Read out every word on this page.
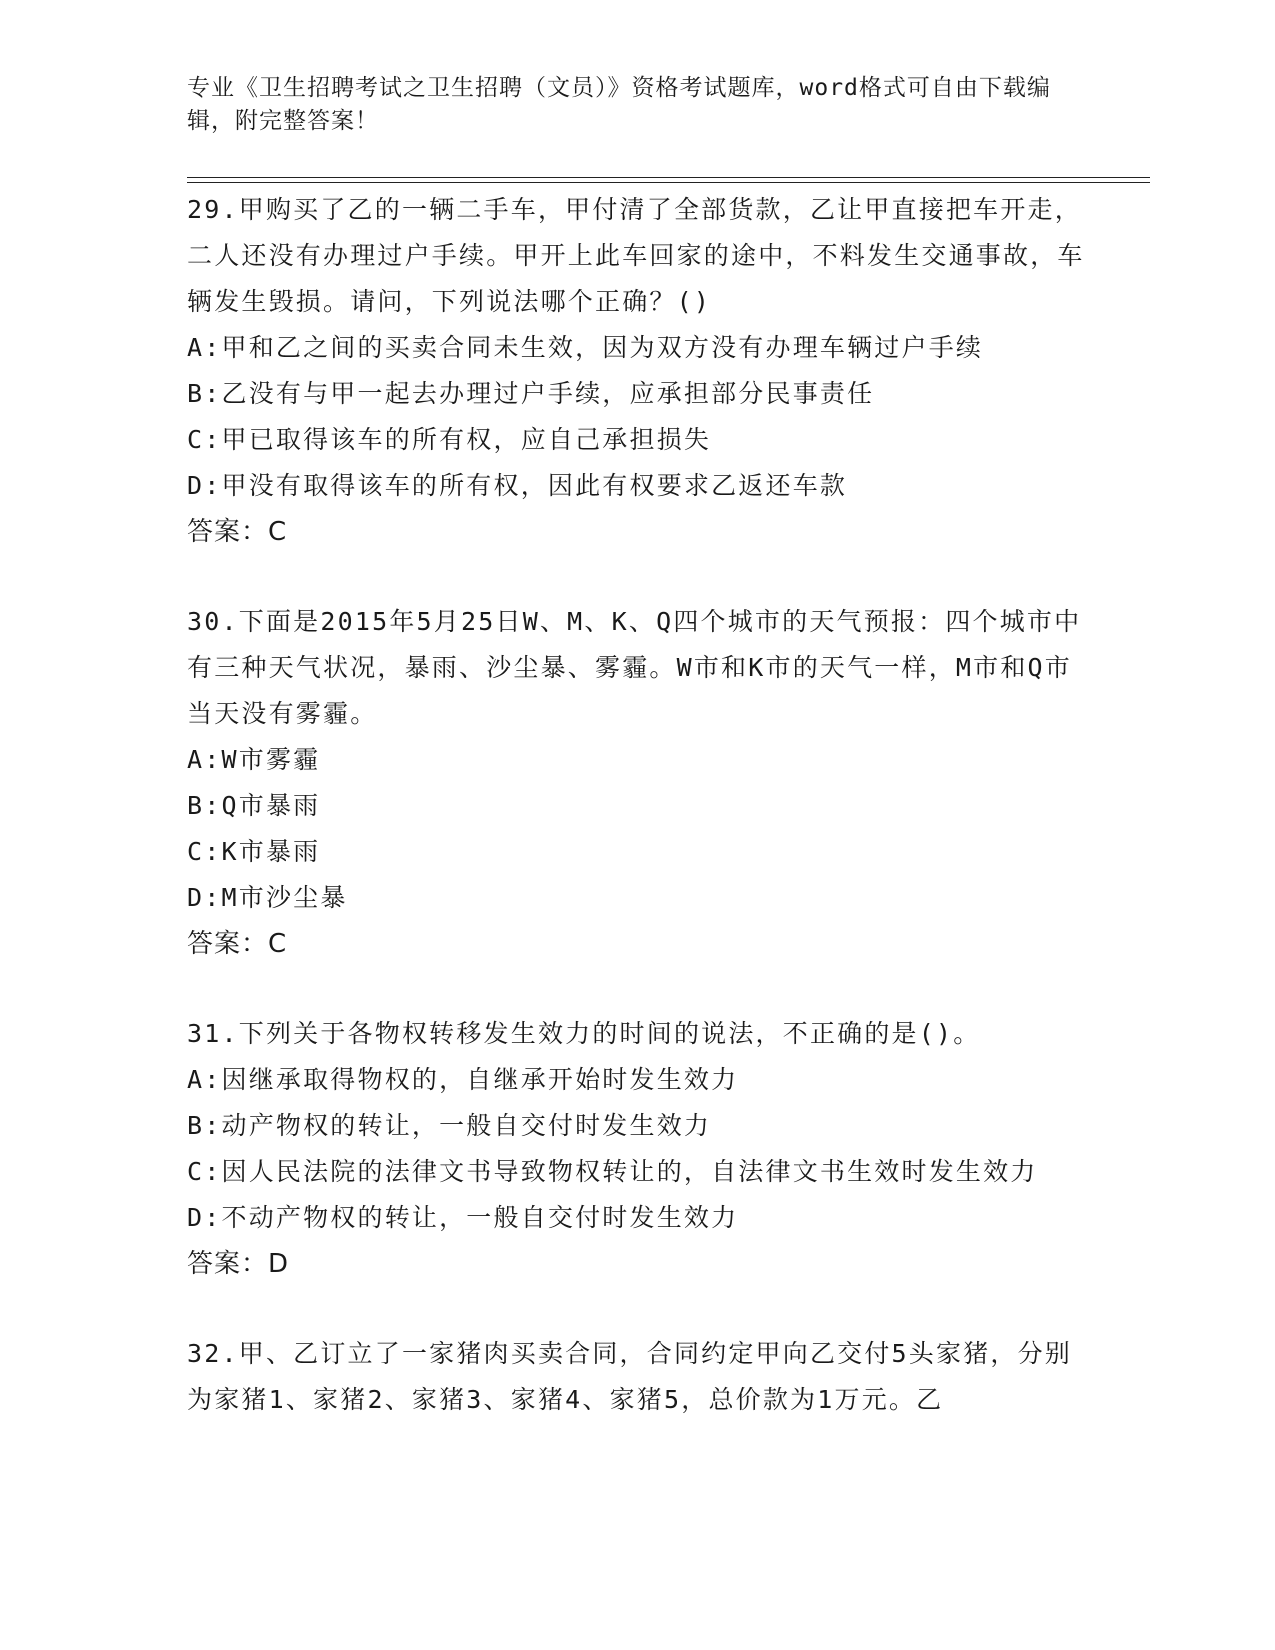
专业《卫生招聘考试之卫生招聘（文员）》资格考试题库，word格式可自由下载编辑，附完整答案！

29.甲购买了乙的一辆二手车，甲付清了全部货款，乙让甲直接把车开走，二人还没有办理过户手续。甲开上此车回家的途中，不料发生交通事故，车辆发生毁损。请问，下列说法哪个正确？()

A:甲和乙之间的买卖合同未生效，因为双方没有办理车辆过户手续

B:乙没有与甲一起去办理过户手续，应承担部分民事责任

C:甲已取得该车的所有权，应自己承担损失

D:甲没有取得该车的所有权，因此有权要求乙返还车款

答案：C

30.下面是2015年5月25日W、M、K、Q四个城市的天气预报：四个城市中有三种天气状况，暴雨、沙尘暴、雾霾。W市和K市的天气一样，M市和Q市当天没有雾霾。

A:W市雾霾

B:Q市暴雨

C:K市暴雨

D:M市沙尘暴

答案：C

31.下列关于各物权转移发生效力的时间的说法，不正确的是()。

A:因继承取得物权的，自继承开始时发生效力

B:动产物权的转让，一般自交付时发生效力

C:因人民法院的法律文书导致物权转让的，自法律文书生效时发生效力

D:不动产物权的转让，一般自交付时发生效力

答案：D

32.甲、乙订立了一家猪肉买卖合同，合同约定甲向乙交付5头家猪，分别为家猪1、家猪2、家猪3、家猪4、家猪5，总价款为1万元。乙
